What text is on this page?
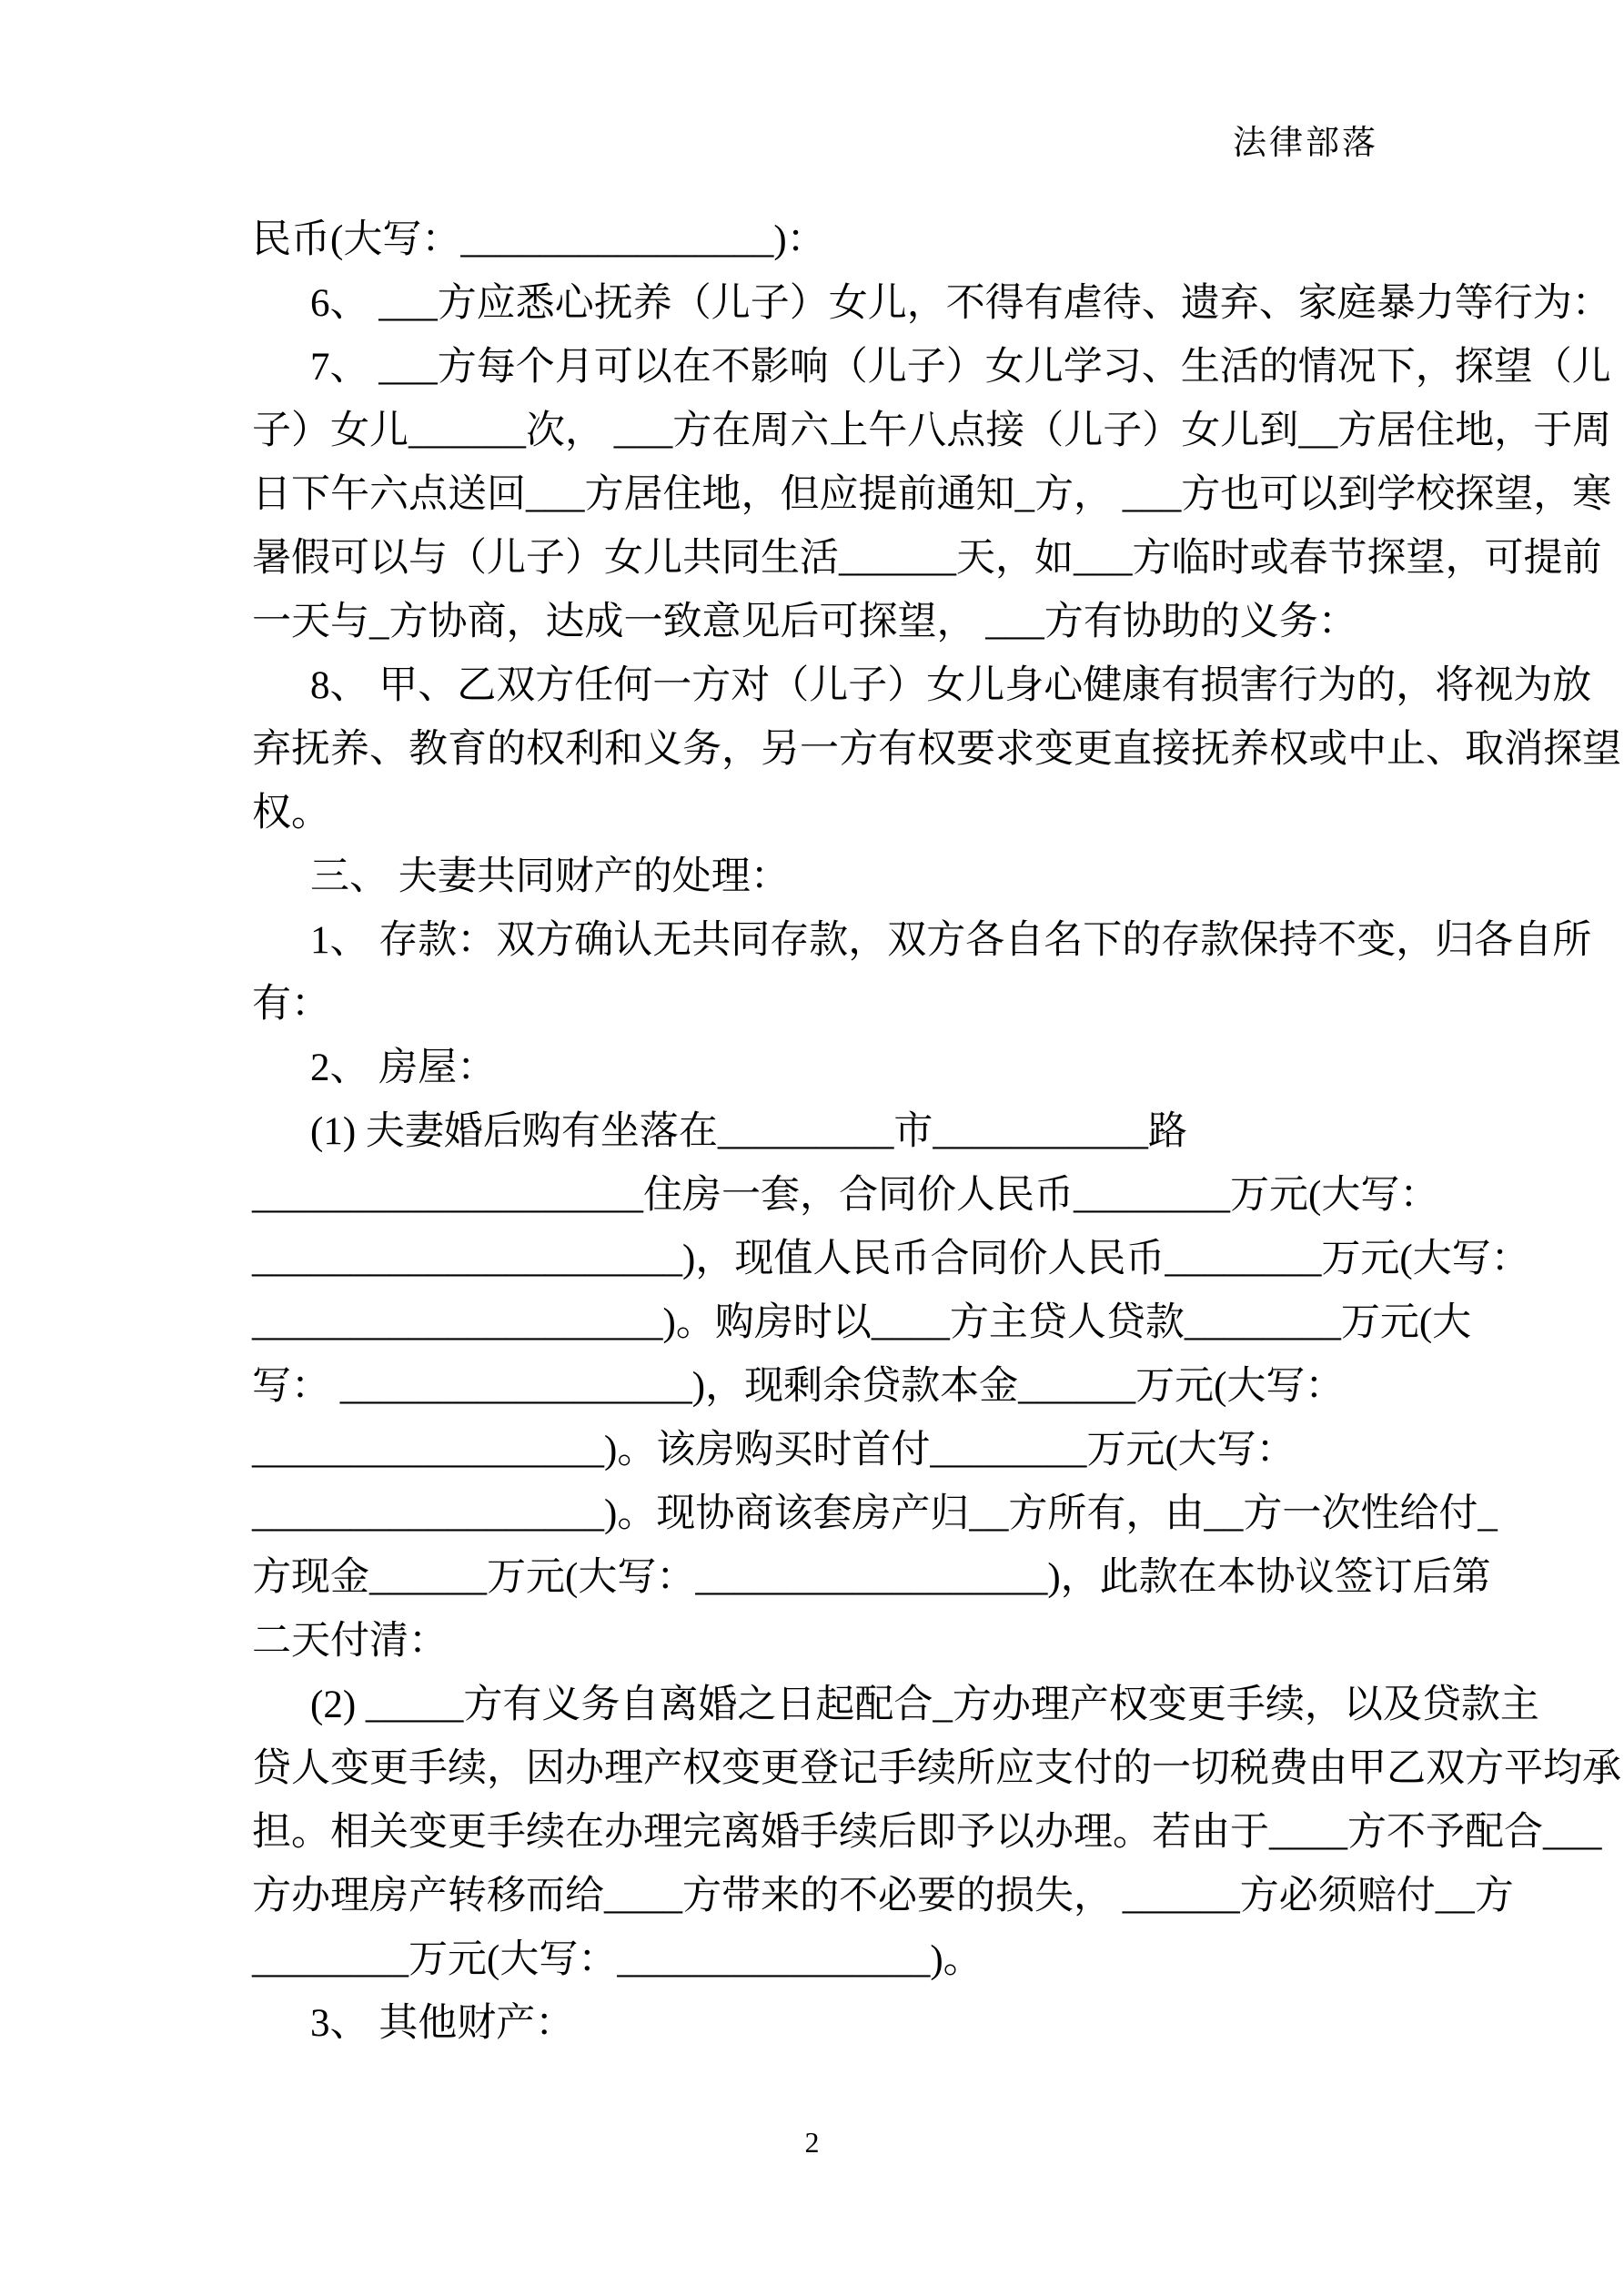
法律部落
民币(大写：________________)：
6、 ___方应悉心抚养（儿子）女儿，不得有虐待、遗弃、家庭暴力等行为：
7、 ___方每个月可以在不影响（儿子）女儿学习、生活的情况下，探望（儿
子）女儿______次， ___方在周六上午八点接（儿子）女儿到__方居住地，于周
日下午六点送回___方居住地，但应提前通知_方， ___方也可以到学校探望，寒
暑假可以与（儿子）女儿共同生活______天，如___方临时或春节探望，可提前
一天与_方协商，达成一致意见后可探望， ___方有协助的义务：
8、 甲、乙双方任何一方对（儿子）女儿身心健康有损害行为的，将视为放
弃抚养、教育的权利和义务，另一方有权要求变更直接抚养权或中止、取消探望
权。
三、 夫妻共同财产的处理：
1、 存款：双方确认无共同存款，双方各自名下的存款保持不变，归各自所
有：
2、 房屋：
(1) 夫妻婚后购有坐落在_________市___________路
____________________住房一套，合同价人民币________万元(大写：
______________________)，现值人民币合同价人民币________万元(大写：
_____________________)。购房时以____方主贷人贷款________万元(大
写： __________________)，现剩余贷款本金______万元(大写：
__________________)。该房购买时首付________万元(大写：
__________________)。现协商该套房产归__方所有，由__方一次性给付_
方现金______万元(大写：__________________)，此款在本协议签订后第
二天付清：
(2) _____方有义务自离婚之日起配合_方办理产权变更手续，以及贷款主
贷人变更手续，因办理产权变更登记手续所应支付的一切税费由甲乙双方平均承
担。相关变更手续在办理完离婚手续后即予以办理。若由于____方不予配合___
方办理房产转移而给____方带来的不必要的损失， ______方必须赔付__方
________万元(大写：________________)。
3、 其他财产：
2
